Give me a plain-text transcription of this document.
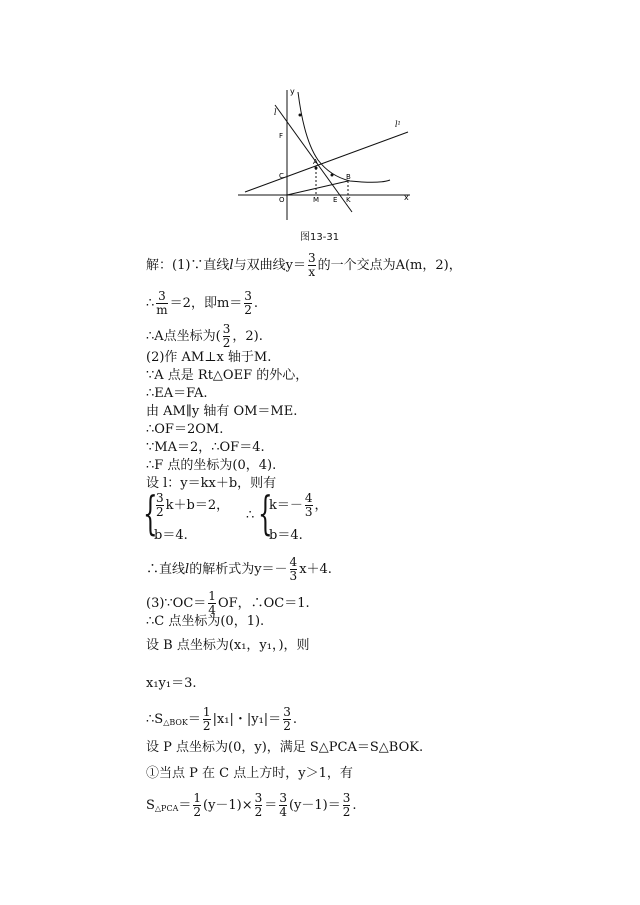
y
x
l
l¹
F
C
O
A
B
M E K
图13-31
解：(1)∵直线l与双曲线$y= \frac{3}{x}$ 的一个交点为A(m，2)，
∴ $\frac{3}{m} =2$，即$m= \frac{3}{2}$ .
∴A点坐标为( $\frac{3}{2}$ ，2).
(2)作 AM⊥x 轴于M.
∵A 点是 Rt△OEF 的外心，
∴EA＝FA.
由 AM∥y 轴有 OM＝ME.
∴OF＝2OM.
∵MA＝2，∴OF＝4.
∴F 点的坐标为(0，4).
设 l：y＝kx＋b，则有
{
$\frac{3}{2} k+b=2$，
b＝4.
∴ {
$k=- \frac{4}{3}$ ，
b＝4.
∴直线l的解析式为$y=- \frac{4}{3} x+4$.
(3)∵OC＝ $\frac{1}{4}$ OF，∴OC＝1.
∴C 点坐标为(0，1).
设 B 点坐标为(x₁，y₁，)，则
x₁y₁＝3.
$\therefore S_{\triangle BOK}= \frac{1}{2} |x_1|$・$|y_1|= \frac{3}{2}$ .
设 P 点坐标为(0，y)，满足 S△PCA＝S△BOK.
①当点 P 在 C 点上方时，y＞1，有
$S_{\triangle PCA}= \frac{1}{2} (y-1)\times \frac{3}{2} = \frac{3}{4} (y-1)= \frac{3}{2}$ .
